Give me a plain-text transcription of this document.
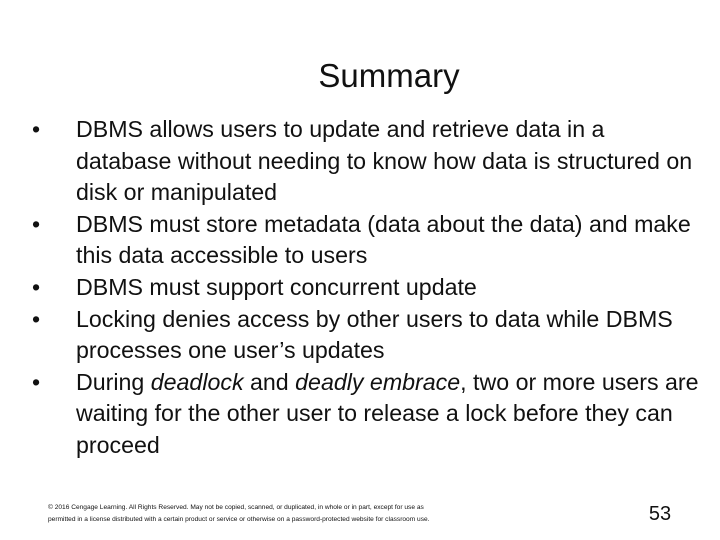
Summary
• DBMS allows users to update and retrieve data in a database without needing to know how data is structured on disk or manipulated
• DBMS must store metadata (data about the data) and make this data accessible to users
• DBMS must support concurrent update
• Locking denies access by other users to data while DBMS processes one user’s updates
• During deadlock and deadly embrace, two or more users are waiting for the other user to release a lock before they can proceed
© 2016 Cengage Learning. All Rights Reserved. May not be copied, scanned, or duplicated, in whole or in part, except for use as
permitted in a license distributed with a certain product or service or otherwise on a password-protected website for classroom use.	53
